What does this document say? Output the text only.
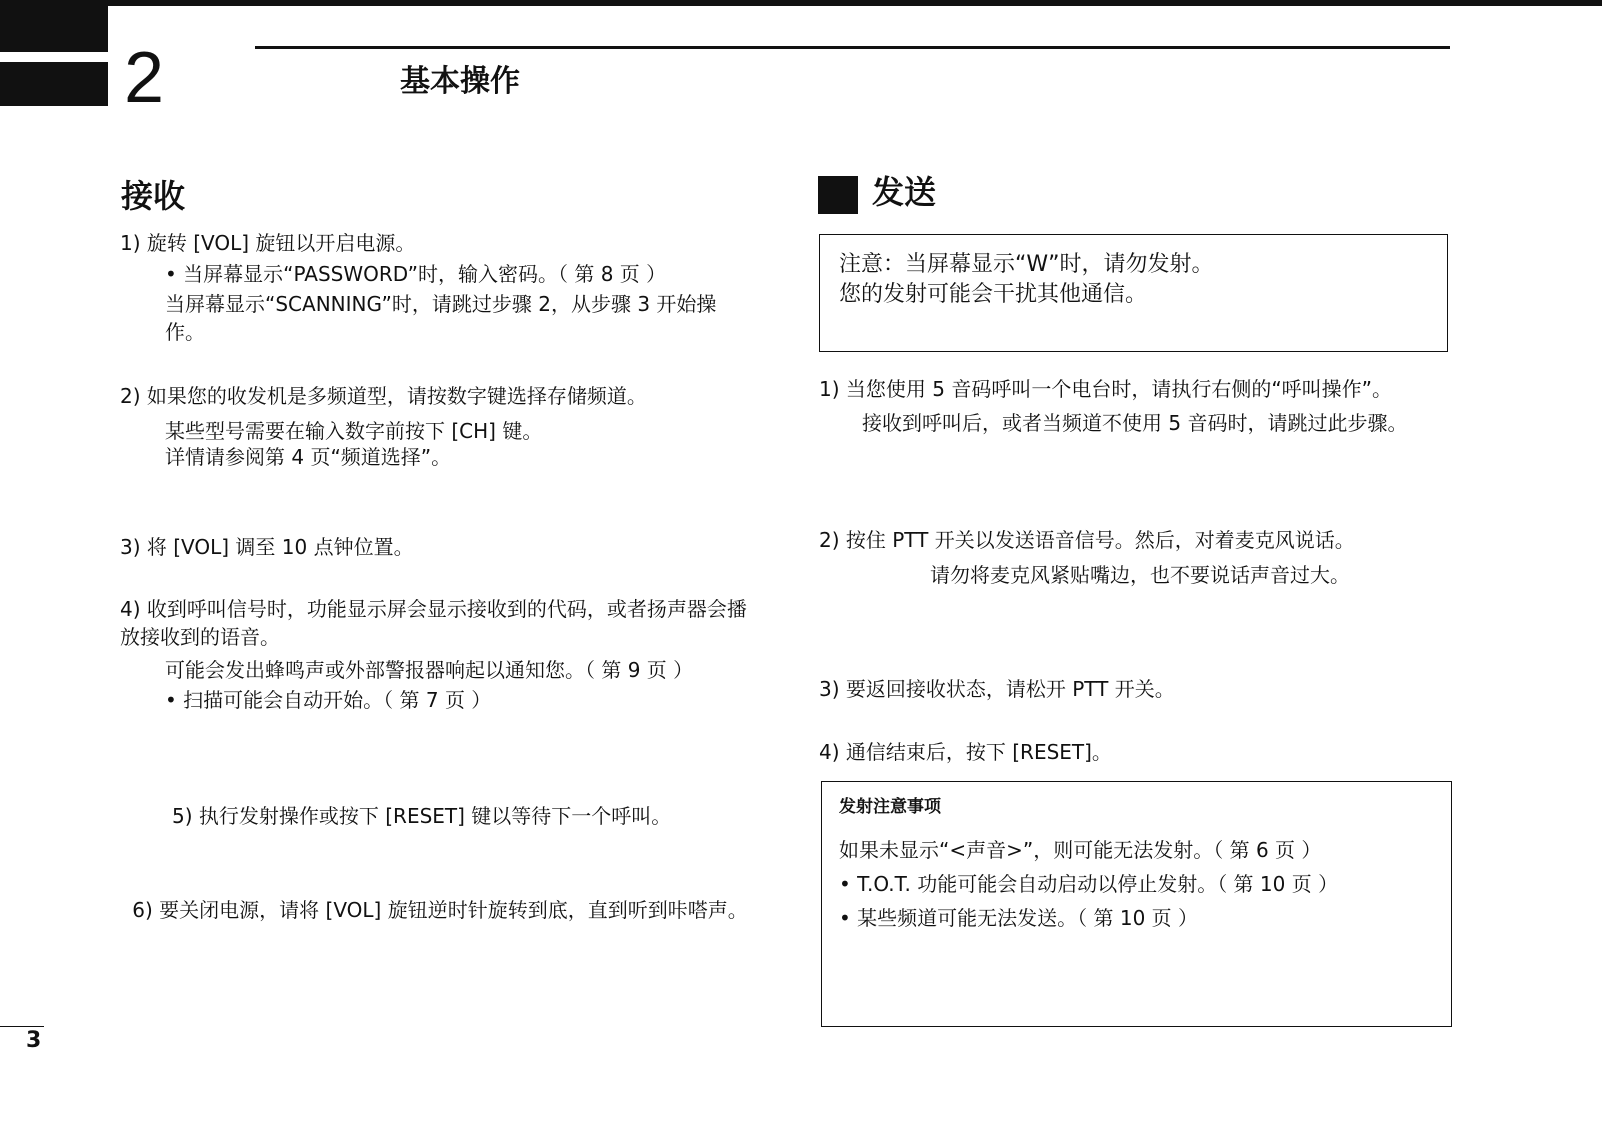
2	基本操作
接收
1) 旋转 [VOL] 旋钮以开启电源。
• 当屏幕显示“PASSWORD”时，输入密码。（ 第 8 页 ）
当屏幕显示“SCANNING”时，请跳过步骤 2，从步骤 3 开始操作。
2) 如果您的收发机是多频道型，请按数字键选择存储频道。
某些型号需要在输入数字前按下 [CH] 键。
详情请参阅第 4 页“频道选择”。
3) 将 [VOL] 调至 10 点钟位置。
4) 收到呼叫信号时，功能显示屏会显示接收到的代码，或者扬声器会播放接收到的语音。
可能会发出蜂鸣声或外部警报器响起以通知您。（ 第 9 页 ）
• 扫描可能会自动开始。（ 第 7 页 ）
5) 执行发射操作或按下 [RESET] 键以等待下一个呼叫。
6) 要关闭电源，请将 [VOL] 旋钮逆时针旋转到底，直到听到咔嗒声。
发送
注意：当屏幕显示“W”时，请勿发射。
您的发射可能会干扰其他通信。
1) 当您使用 5 音码呼叫一个电台时，请执行右侧的“呼叫操作”。
接收到呼叫后，或者当频道不使用 5 音码时，请跳过此步骤。
2) 按住 PTT 开关以发送语音信号。然后，对着麦克风说话。
请勿将麦克风紧贴嘴边，也不要说话声音过大。
3) 要返回接收状态，请松开 PTT 开关。
4) 通信结束后，按下 [RESET]。
发射注意事项
如果未显示“<声音>”，则可能无法发射。（ 第 6 页 ）
• T.O.T. 功能可能会自动启动以停止发射。（ 第 10 页 ）
• 某些频道可能无法发送。（ 第 10 页 ）
3
